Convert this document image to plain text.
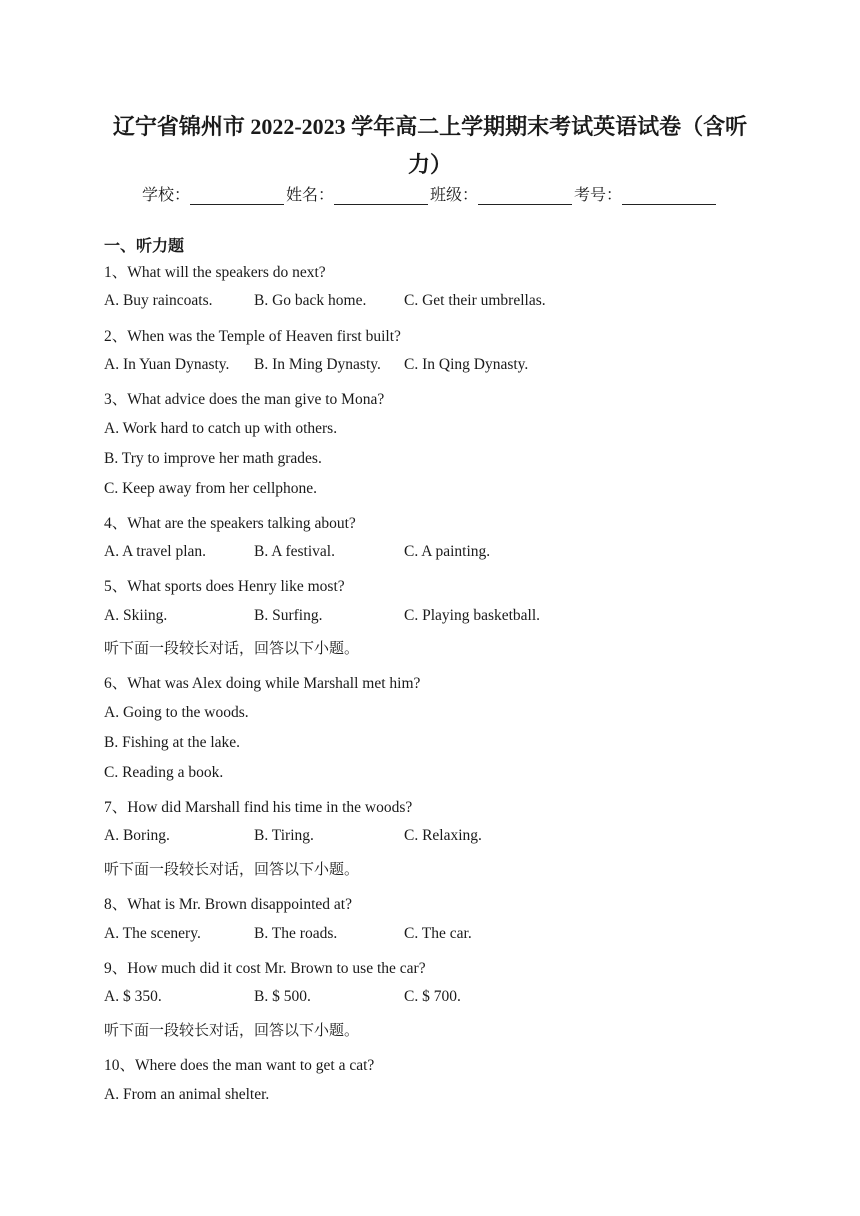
辽宁省锦州市 2022-2023 学年高二上学期期末考试英语试卷（含听
力）
学校：	姓名：	班级：	考号：
一、听力题
1、What will the speakers do next?
A. Buy raincoats.	B. Go back home. C. Get their umbrellas.
2、When was the Temple of Heaven first built?
A. In Yuan Dynasty. B. In Ming Dynasty. C. In Qing Dynasty.
3、What advice does the man give to Mona?
A. Work hard to catch up with others.
B. Try to improve her math grades.
C. Keep away from her cellphone.
4、What are the speakers talking about?
A. A travel plan.	B. A festival.	C. A painting.
5、What sports does Henry like most?
A. Skiing.	B. Surfing.	C. Playing basketball.
听下面一段较长对话，回答以下小题。
6、What was Alex doing while Marshall met him?
A. Going to the woods.
B. Fishing at the lake.
C. Reading a book.
7、How did Marshall find his time in the woods?
A. Boring.	B. Tiring.	C. Relaxing.
听下面一段较长对话，回答以下小题。
8、What is Mr. Brown disappointed at?
A. The scenery.	B. The roads.	C. The car.
9、How much did it cost Mr. Brown to use the car?
A. $ 350.	B. $ 500.	C. $ 700.
听下面一段较长对话，回答以下小题。
10、Where does the man want to get a cat?
A. From an animal shelter.
